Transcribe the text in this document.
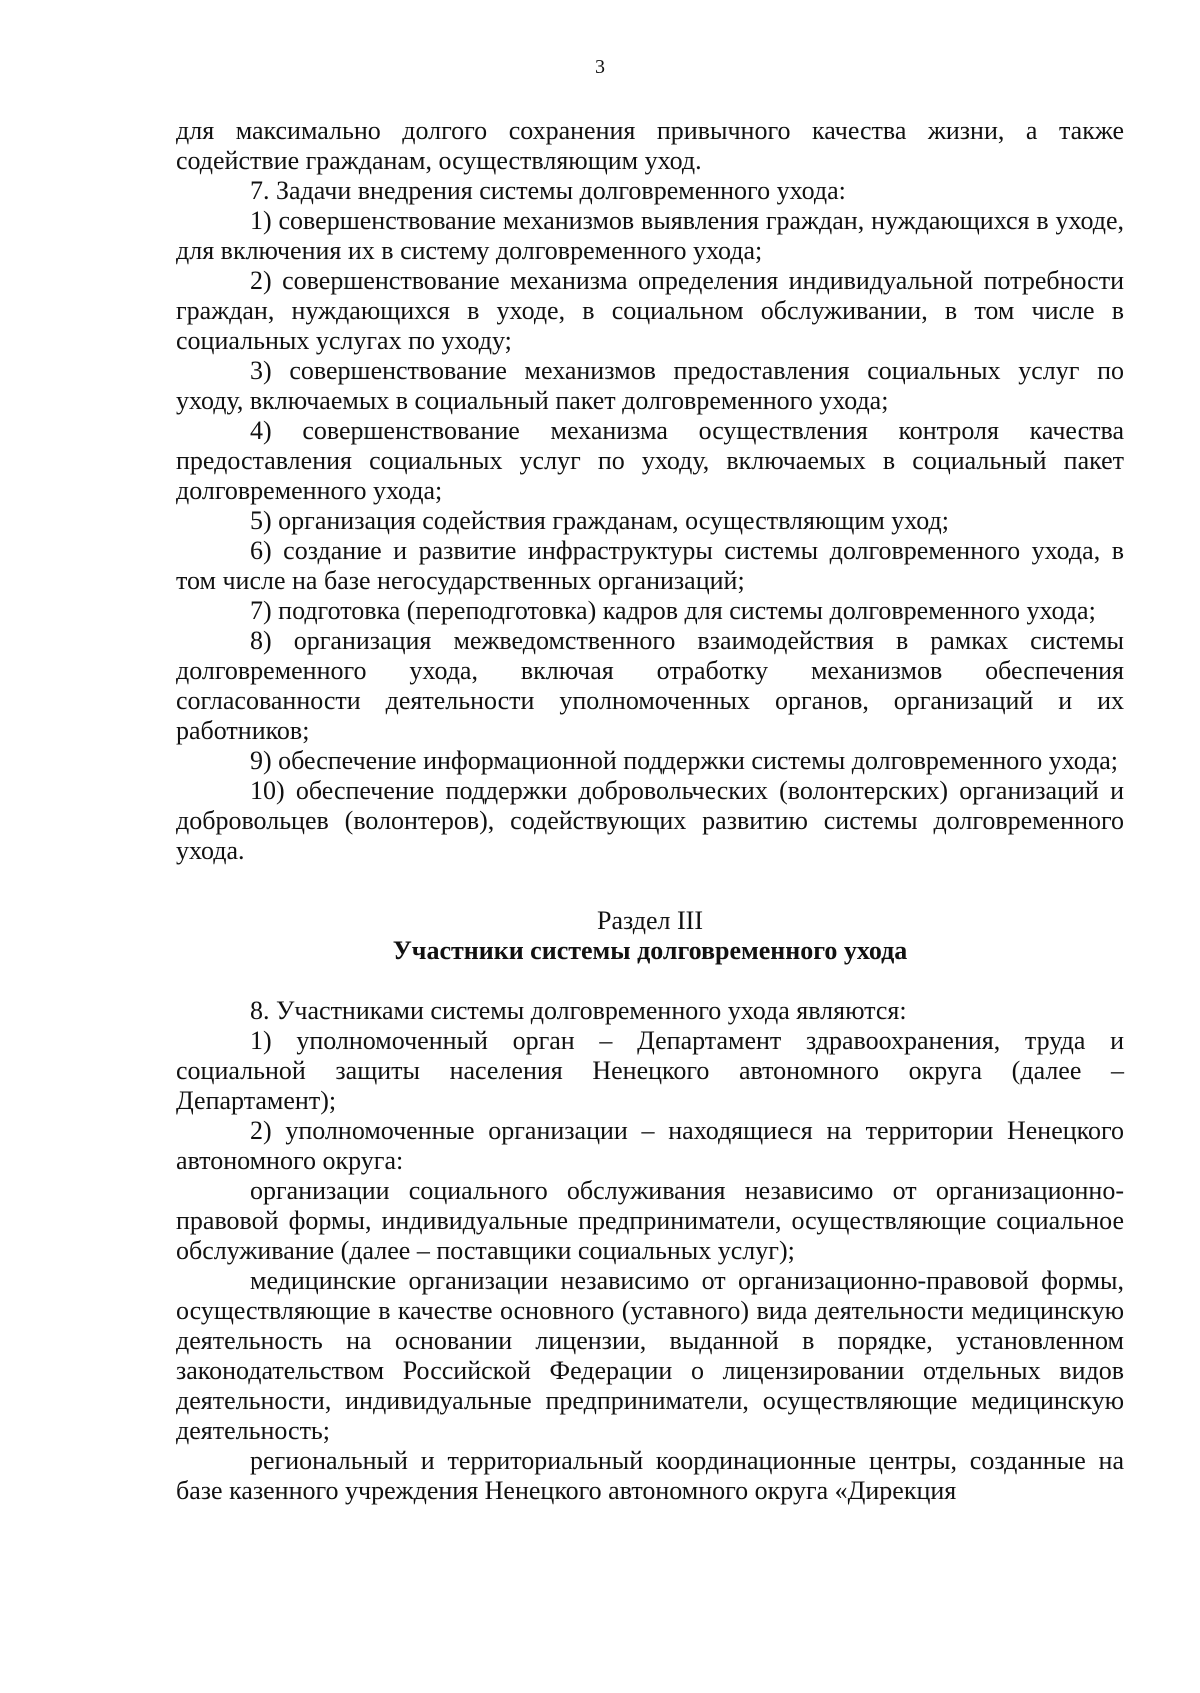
3

для максимально долгого сохранения привычного качества жизни, а также содействие гражданам, осуществляющим уход.

7. Задачи внедрения системы долговременного ухода:

1) совершенствование механизмов выявления граждан, нуждающихся в уходе, для включения их в систему долговременного ухода;

2) совершенствование механизма определения индивидуальной потребности граждан, нуждающихся в уходе, в социальном обслуживании, в том числе в социальных услугах по уходу;

3) совершенствование механизмов предоставления социальных услуг по уходу, включаемых в социальный пакет долговременного ухода;

4) совершенствование механизма осуществления контроля качества предоставления социальных услуг по уходу, включаемых в социальный пакет долговременного ухода;

5) организация содействия гражданам, осуществляющим уход;

6) создание и развитие инфраструктуры системы долговременного ухода, в том числе на базе негосударственных организаций;

7) подготовка (переподготовка) кадров для системы долговременного ухода;

8) организация межведомственного взаимодействия в рамках системы долговременного ухода, включая отработку механизмов обеспечения согласованности деятельности уполномоченных органов, организаций и их работников;

9) обеспечение информационной поддержки системы долговременного ухода;

10) обеспечение поддержки добровольческих (волонтерских) организаций и добровольцев (волонтеров), содействующих развитию системы долговременного ухода.

Раздел III
Участники системы долговременного ухода

8. Участниками системы долговременного ухода являются:

1) уполномоченный орган – Департамент здравоохранения, труда и социальной защиты населения Ненецкого автономного округа (далее – Департамент);

2) уполномоченные организации – находящиеся на территории Ненецкого автономного округа:

организации социального обслуживания независимо от организационно-правовой формы, индивидуальные предприниматели, осуществляющие социальное обслуживание (далее – поставщики социальных услуг);

медицинские организации независимо от организационно-правовой формы, осуществляющие в качестве основного (уставного) вида деятельности медицинскую деятельность на основании лицензии, выданной в порядке, установленном законодательством Российской Федерации о лицензировании отдельных видов деятельности, индивидуальные предприниматели, осуществляющие медицинскую деятельность;

региональный и территориальный координационные центры, созданные на базе казенного учреждения Ненецкого автономного округа «Дирекция
